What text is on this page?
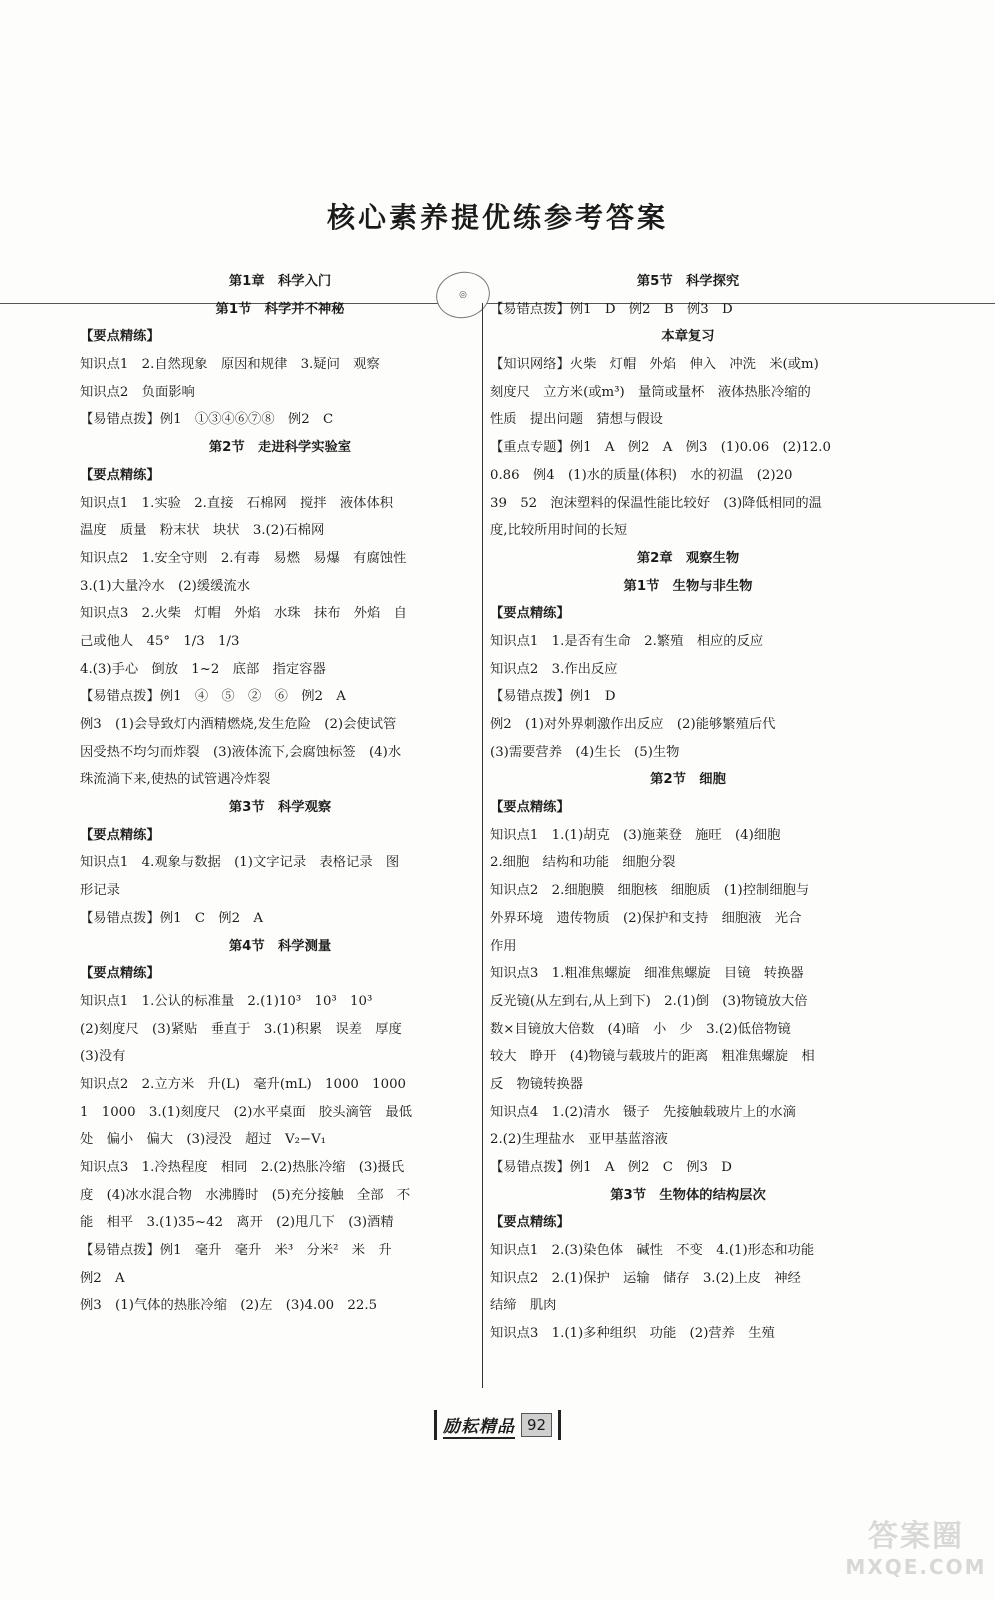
核心素养提优练参考答案
◎
第1章　科学入门
第1节　科学并不神秘
【要点精练】
知识点1　2.自然现象　原因和规律　3.疑问　观察
知识点2　负面影响
【易错点拨】例1　①③④⑥⑦⑧　例2　C
第2节　走进科学实验室
【要点精练】
知识点1　1.实验　2.直接　石棉网　搅拌　液体体积
温度　质量　粉末状　块状　3.(2)石棉网
知识点2　1.安全守则　2.有毒　易燃　易爆　有腐蚀性
3.(1)大量冷水　(2)缓缓流水
知识点3　2.火柴　灯帽　外焰　水珠　抹布　外焰　自
己或他人　45°　1/3　1/3
4.(3)手心　倒放　1~2　底部　指定容器
【易错点拨】例1　④　⑤　②　⑥　例2　A
例3　(1)会导致灯内酒精燃烧,发生危险　(2)会使试管
因受热不均匀而炸裂　(3)液体流下,会腐蚀标签　(4)水
珠流淌下来,使热的试管遇冷炸裂
第3节　科学观察
【要点精练】
知识点1　4.观象与数据　(1)文字记录　表格记录　图
形记录
【易错点拨】例1　C　例2　A
第4节　科学测量
【要点精练】
知识点1　1.公认的标准量　2.(1)10³　10³　10³
(2)刻度尺　(3)紧贴　垂直于　3.(1)积累　误差　厚度
(3)没有
知识点2　2.立方米　升(L)　毫升(mL)　1000　1000
1　1000　3.(1)刻度尺　(2)水平桌面　胶头滴管　最低
处　偏小　偏大　(3)浸没　超过　V₂−V₁
知识点3　1.冷热程度　相同　2.(2)热胀冷缩　(3)摄氏
度　(4)冰水混合物　水沸腾时　(5)充分接触　全部　不
能　相平　3.(1)35~42　离开　(2)甩几下　(3)酒精
【易错点拨】例1　毫升　毫升　米³　分米²　米　升
例2　A
例3　(1)气体的热胀冷缩　(2)左　(3)4.00　22.5
第5节　科学探究
【易错点拨】例1　D　例2　B　例3　D
本章复习
【知识网络】火柴　灯帽　外焰　伸入　冲洗　米(或m)
刻度尺　立方米(或m³)　量筒或量杯　液体热胀冷缩的
性质　提出问题　猜想与假设
【重点专题】例1　A　例2　A　例3　(1)0.06　(2)12.0
0.86　例4　(1)水的质量(体积)　水的初温　(2)20
39　52　泡沫塑料的保温性能比较好　(3)降低相同的温
度,比较所用时间的长短
第2章　观察生物
第1节　生物与非生物
【要点精练】
知识点1　1.是否有生命　2.繁殖　相应的反应
知识点2　3.作出反应
【易错点拨】例1　D
例2　(1)对外界刺激作出反应　(2)能够繁殖后代
(3)需要营养　(4)生长　(5)生物
第2节　细胞
【要点精练】
知识点1　1.(1)胡克　(3)施莱登　施旺　(4)细胞
2.细胞　结构和功能　细胞分裂
知识点2　2.细胞膜　细胞核　细胞质　(1)控制细胞与
外界环境　遗传物质　(2)保护和支持　细胞液　光合
作用
知识点3　1.粗准焦螺旋　细准焦螺旋　目镜　转换器
反光镜(从左到右,从上到下)　2.(1)倒　(3)物镜放大倍
数×目镜放大倍数　(4)暗　小　少　3.(2)低倍物镜
较大　睁开　(4)物镜与载玻片的距离　粗准焦螺旋　相
反　物镜转换器
知识点4　1.(2)清水　镊子　先接触载玻片上的水滴
2.(2)生理盐水　亚甲基蓝溶液
【易错点拨】例1　A　例2　C　例3　D
第3节　生物体的结构层次
【要点精练】
知识点1　2.(3)染色体　碱性　不变　4.(1)形态和功能
知识点2　2.(1)保护　运输　储存　3.(2)上皮　神经
结缔　肌肉
知识点3　1.(1)多种组织　功能　(2)营养　生殖
励耘精品 92
答案圈
MXQE.COM
